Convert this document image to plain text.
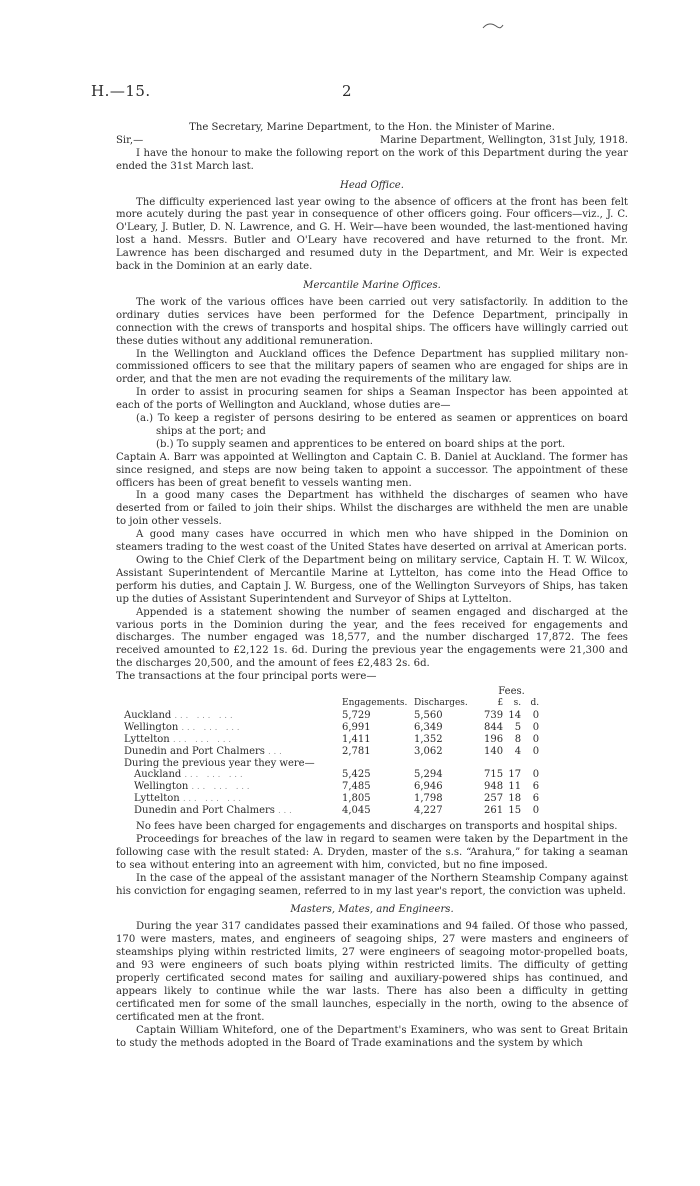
H.—15.	2

The Secretary, Marine Department, to the Hon. the Minister of Marine.

Sir,—	Marine Department, Wellington, 31st July, 1918.

I have the honour to make the following report on the work of this Department during the year ended the 31st March last.

Head Office.

The difficulty experienced last year owing to the absence of officers at the front has been felt more acutely during the past year in consequence of other officers going. Four officers—viz., J. C. O'Leary, J. Butler, D. N. Lawrence, and G. H. Weir—have been wounded, the last-mentioned having lost a hand. Messrs. Butler and O'Leary have recovered and have returned to the front. Mr. Lawrence has been discharged and resumed duty in the Department, and Mr. Weir is expected back in the Dominion at an early date.

Mercantile Marine Offices.

The work of the various offices have been carried out very satisfactorily. In addition to the ordinary duties services have been performed for the Defence Department, principally in connection with the crews of transports and hospital ships. The officers have willingly carried out these duties without any additional remuneration.

In the Wellington and Auckland offices the Defence Department has supplied military non-commissioned officers to see that the military papers of seamen who are engaged for ships are in order, and that the men are not evading the requirements of the military law.

In order to assist in procuring seamen for ships a Seaman Inspector has been appointed at each of the ports of Wellington and Auckland, whose duties are—

(a.) To keep a register of persons desiring to be entered as seamen or apprentices on board ships at the port; and

(b.) To supply seamen and apprentices to be entered on board ships at the port.

Captain A. Barr was appointed at Wellington and Captain C. B. Daniel at Auckland. The former has since resigned, and steps are now being taken to appoint a successor. The appointment of these officers has been of great benefit to vessels wanting men.

In a good many cases the Department has withheld the discharges of seamen who have deserted from or failed to join their ships. Whilst the discharges are withheld the men are unable to join other vessels.

A good many cases have occurred in which men who have shipped in the Dominion on steamers trading to the west coast of the United States have deserted on arrival at American ports.

Owing to the Chief Clerk of the Department being on military service, Captain H. T. W. Wilcox, Assistant Superintendent of Mercantile Marine at Lyttelton, has come into the Head Office to perform his duties, and Captain J. W. Burgess, one of the Wellington Surveyors of Ships, has taken up the duties of Assistant Superintendent and Surveyor of Ships at Lyttelton.

Appended is a statement showing the number of seamen engaged and discharged at the various ports in the Dominion during the year, and the fees received for engagements and discharges. The number engaged was 18,577, and the number discharged 17,872. The fees received amounted to £2,122 1s. 6d. During the previous year the engagements were 21,300 and the discharges 20,500, and the amount of fees £2,483 2s. 6d.

The transactions at the four principal ports were—

			Fees.		
	Engagements.	Discharges.	£	s.	d.
Auckland ... ... ...	5,729	5,560	739	14	0
Wellington ... ... ...	6,991	6,349	844	5	0
Lyttelton ... ... ...	1,411	1,352	196	8	0
Dunedin and Port Chalmers ...	2,781	3,062	140	4	0
During the previous year they were—					
Auckland ... ... ...	5,425	5,294	715	17	0
Wellington ... ... ...	7,485	6,946	948	11	6
Lyttelton ... ... ...	1,805	1,798	257	18	6
Dunedin and Port Chalmers ...	4,045	4,227	261	15	0

No fees have been charged for engagements and discharges on transports and hospital ships.

Proceedings for breaches of the law in regard to seamen were taken by the Department in the following case with the result stated: A. Dryden, master of the s.s. “Arahura,” for taking a seaman to sea without entering into an agreement with him, convicted, but no fine imposed.

In the case of the appeal of the assistant manager of the Northern Steamship Company against his conviction for engaging seamen, referred to in my last year's report, the conviction was upheld.

Masters, Mates, and Engineers.

During the year 317 candidates passed their examinations and 94 failed. Of those who passed, 170 were masters, mates, and engineers of seagoing ships, 27 were masters and engineers of steamships plying within restricted limits, 27 were engineers of seagoing motor-propelled boats, and 93 were engineers of such boats plying within restricted limits. The difficulty of getting properly certificated second mates for sailing and auxiliary-powered ships has continued, and appears likely to continue while the war lasts. There has also been a difficulty in getting certificated men for some of the small launches, especially in the north, owing to the absence of certificated men at the front.

Captain William Whiteford, one of the Department's Examiners, who was sent to Great Britain to study the methods adopted in the Board of Trade examinations and the system by which
